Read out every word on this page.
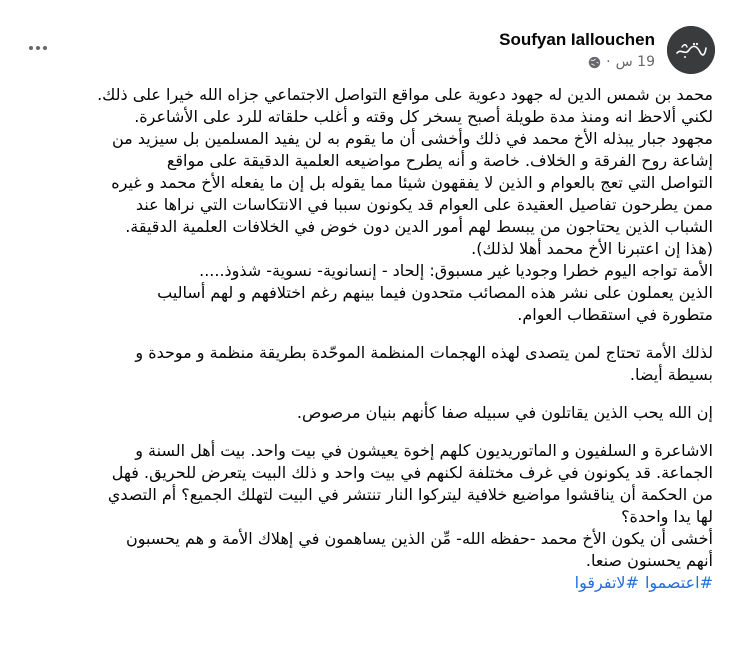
Soufyan Iallouchen
19 س
·

محمد بن شمس الدين له جهود دعوية على مواقع التواصل الاجتماعي جزاه الله خيرا على ذلك.
لكني ألاحظ انه ومنذ مدة طويلة أصبح يسخر كل وقته و أغلب حلقاته للرد على الأشاعرة.
مجهود جبار يبذله الأخ محمد في ذلك وأخشى أن ما يقوم به لن يفيد المسلمين بل سيزيد من
إشاعة روح الفرقة و الخلاف. خاصة و أنه يطرح مواضيعه العلمية الدقيقة على مواقع
التواصل التي تعج بالعوام و الذين لا يفقهون شيئا مما يقوله بل إن ما يفعله الأخ محمد و غيره
ممن يطرحون تفاصيل العقيدة على العوام قد يكونون سببا في الانتكاسات التي نراها عند
الشباب الذين يحتاجون من يبسط لهم أمور الدين دون خوض في الخلافات العلمية الدقيقة.
(هذا إن اعتبرنا الأخ محمد أهلا لذلك).

الأمة تواجه اليوم خطرا وجوديا غير مسبوق: إلحاد - إنسانوية- نسوية- شذوذ.....
الذين يعملون على نشر هذه المصائب متحدون فيما بينهم رغم اختلافهم و لهم أساليب
متطورة في استقطاب العوام.

لذلك الأمة تحتاج لمن يتصدى لهذه الهجمات المنظمة الموحّدة بطريقة منظمة و موحدة و
بسيطة أيضا.

إن الله يحب الذين يقاتلون في سبيله صفا كأنهم بنيان مرصوص.

الاشاعرة و السلفيون و الماتوريديون كلهم إخوة يعيشون في بيت واحد. بيت أهل السنة و
الجماعة. قد يكونون في غرف مختلفة لكنهم في بيت واحد و ذلك البيت يتعرض للحريق. فهل
من الحكمة أن يناقشوا مواضيع خلافية ليتركوا النار تنتشر في البيت لتهلك الجميع؟ أم التصدي
لها يدا واحدة؟

أخشى أن يكون الأخ محمد -حفظه الله- مِّن الذين يساهمون في إهلاك الأمة و هم يحسبون
أنهم يحسنون صنعا.

#اعتصموا#لاتفرقوا
